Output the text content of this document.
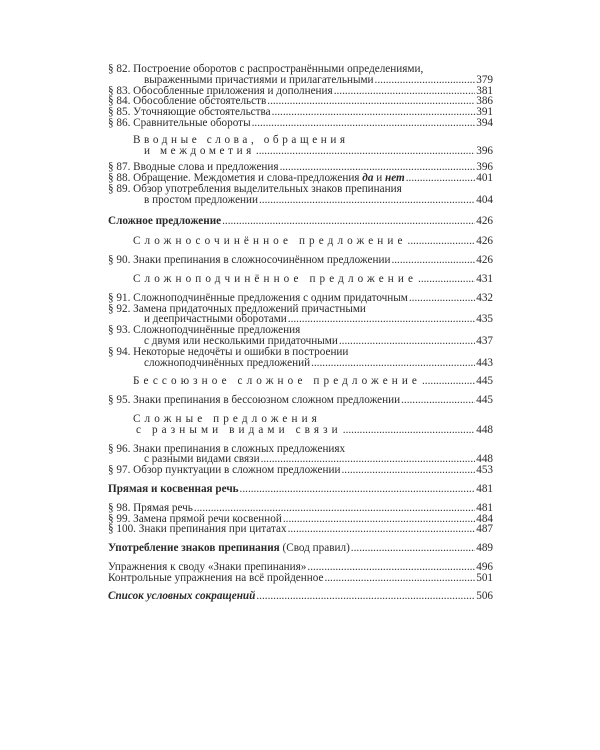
§ 82. Построение оборотов с распространёнными определениями,
выраженными причастиями и прилагательными .....	379
§ 83. Обособленные приложения и дополнения .....	381
§ 84. Обособление обстоятельств .....	386
§ 85. Уточняющие обстоятельства .....	391
§ 86. Сравнительные обороты .....	394
Вводные слова, обращения
и междометия .....	396
§ 87. Вводные слова и предложения .....	396
§ 88. Обращение. Междометия и слова-предложения да и нет .....	401
§ 89. Обзор употребления выделительных знаков препинания
в простом предложении .....	404
Сложное предложение .....	426
Сложносочинённое предложение .....	426
§ 90. Знаки препинания в сложносочинённом предложении .....	426
Сложноподчинённое предложение .....	431
§ 91. Сложноподчинённые предложения с одним придаточным .....	432
§ 92. Замена придаточных предложений причастными
и деепричастными оборотами .....	435
§ 93. Сложноподчинённые предложения
с двумя или несколькими придаточными .....	437
§ 94. Некоторые недочёты и ошибки в построении
сложноподчинённых предложений .....	443
Бессоюзное сложное предложение .....	445
§ 95. Знаки препинания в бессоюзном сложном предложении .....	445
Сложные предложения
с разными видами связи .....	448
§ 96. Знаки препинания в сложных предложениях
с разными видами связи .....	448
§ 97. Обзор пунктуации в сложном предложении .....	453
Прямая и косвенная речь .....	481
§ 98. Прямая речь .....	481
§ 99. Замена прямой речи косвенной .....	484
§ 100. Знаки препинания при цитатах .....	487
Употребление знаков препинания (Свод правил) .....	489
Упражнения к своду «Знаки препинания» .....	496
Контрольные упражнения на всё пройденное .....	501
Список условных сокращений .....	506
